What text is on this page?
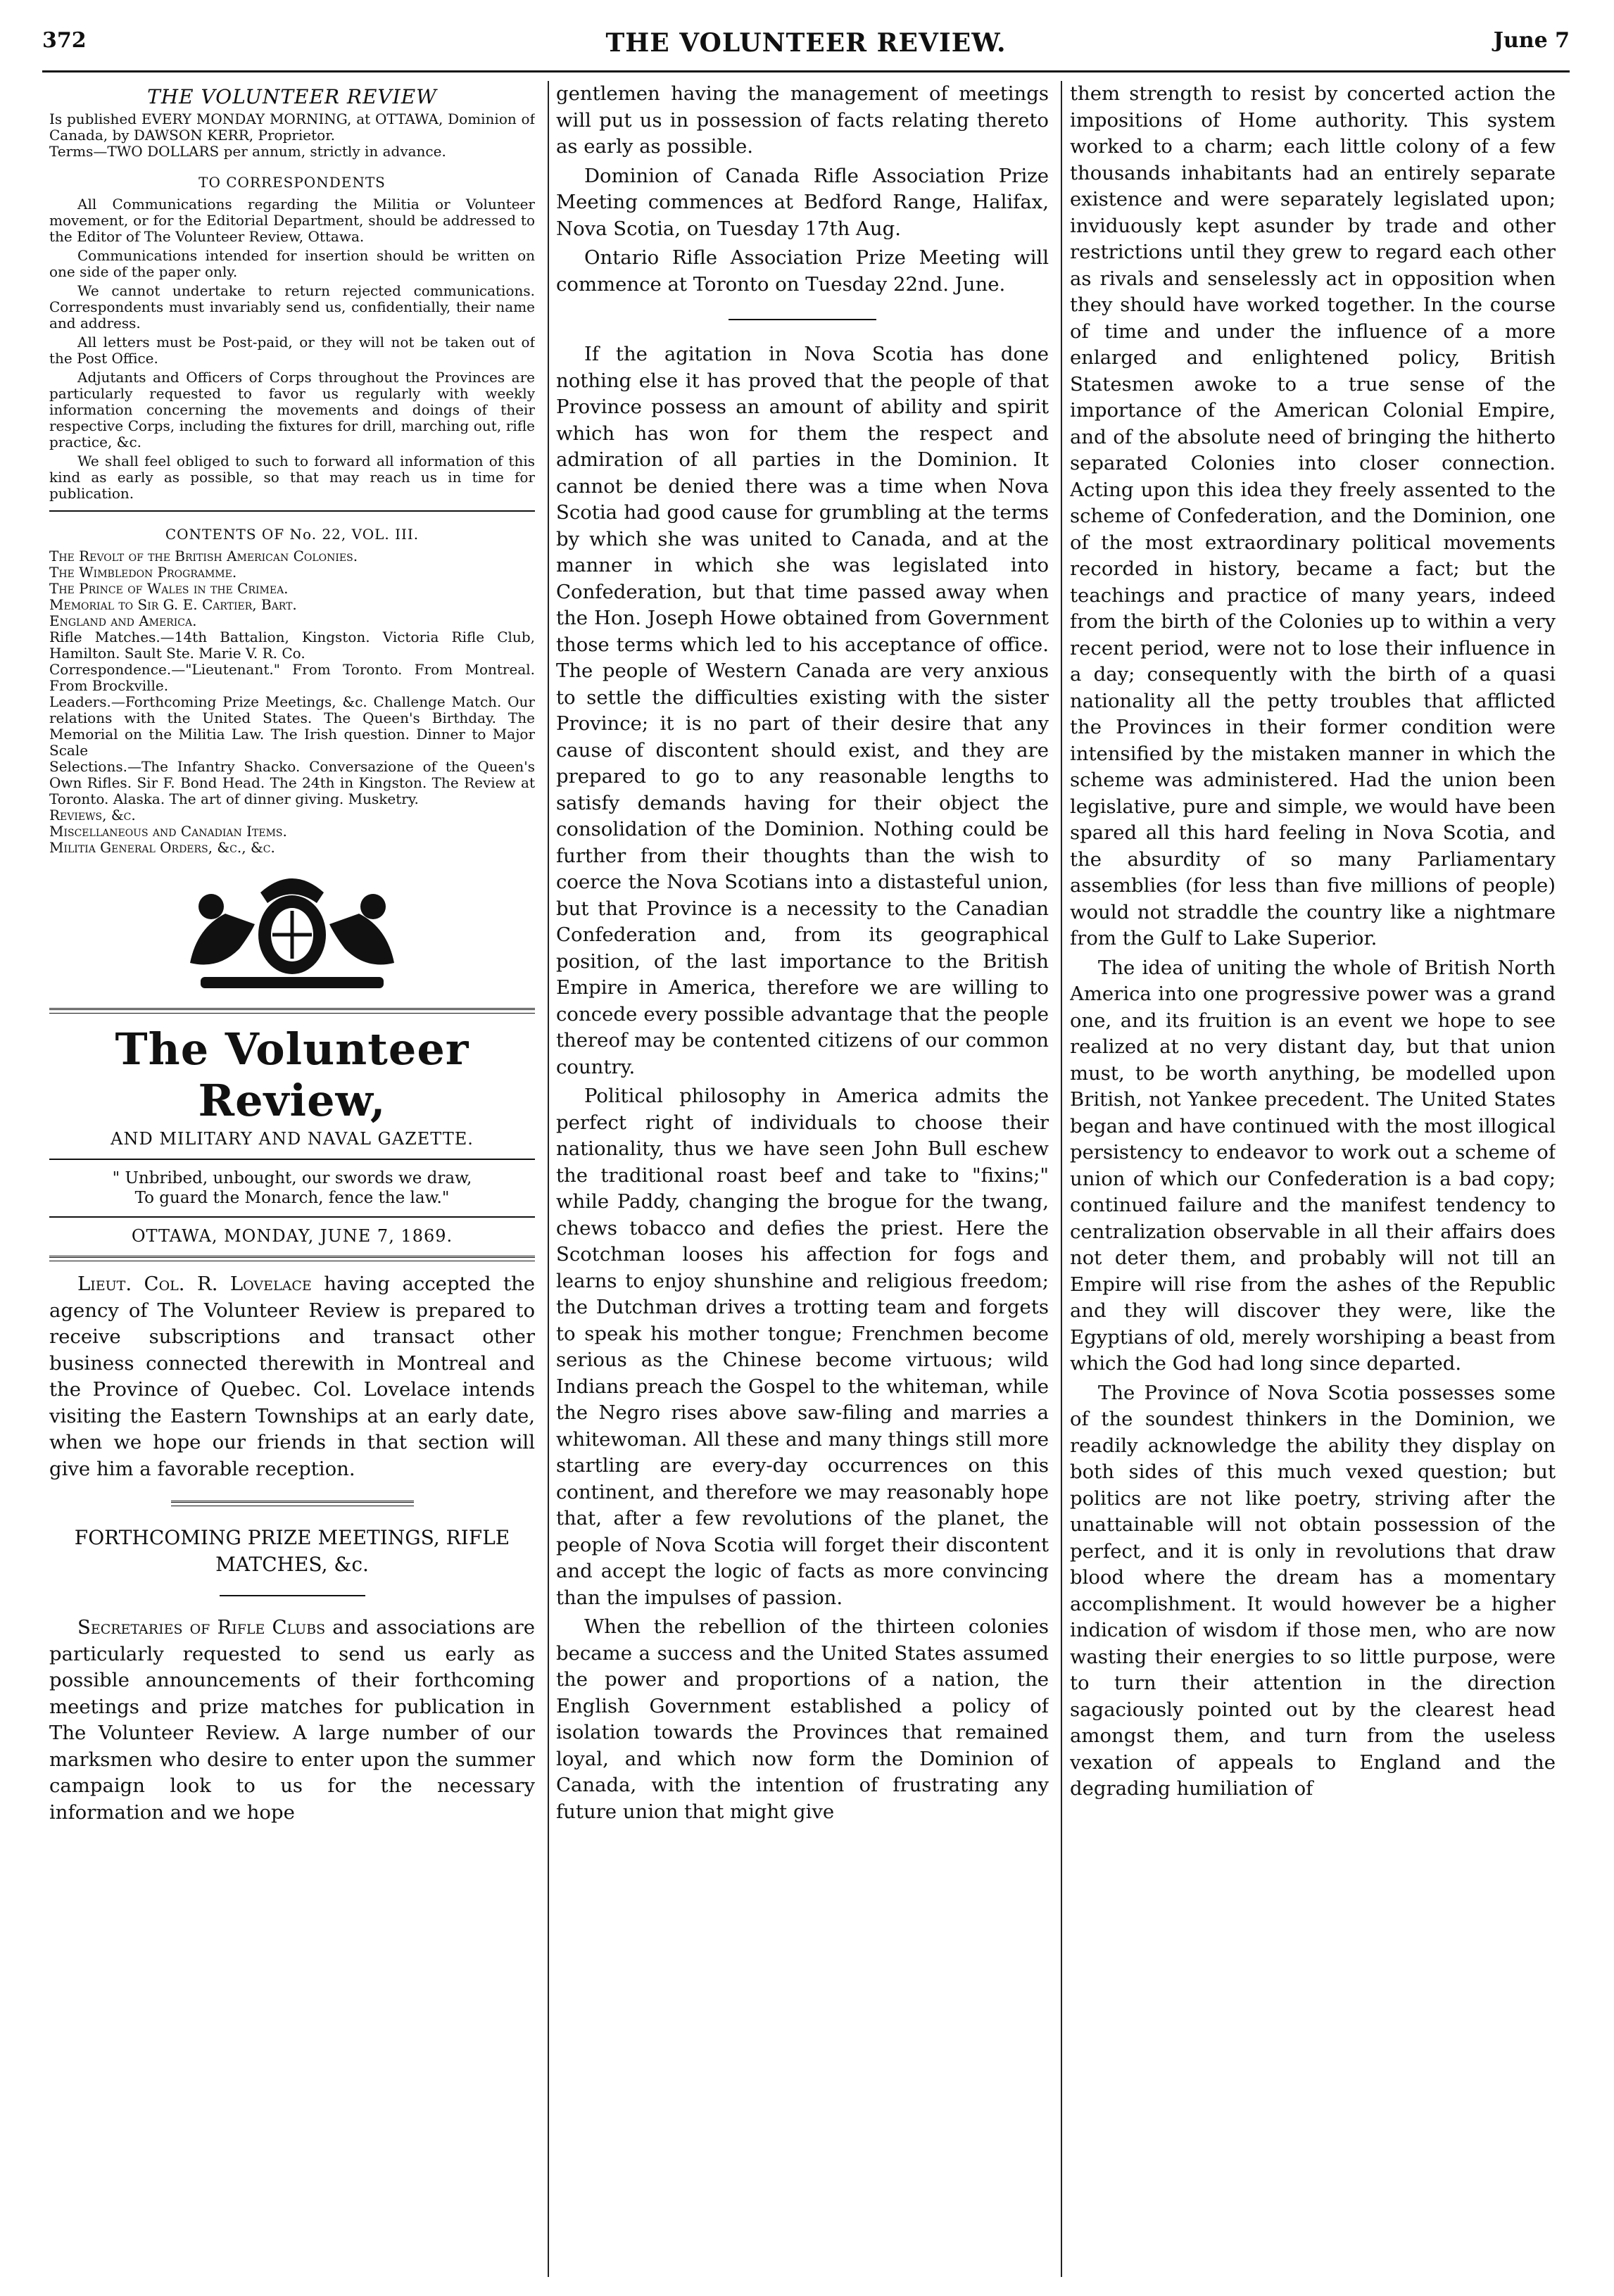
372	THE VOLUNTEER REVIEW.	June 7
THE VOLUNTEER REVIEW

Is published EVERY MONDAY MORNING, at OTTAWA, Dominion of Canada, by DAWSON KERR, Proprietor.

Terms—TWO DOLLARS per annum, strictly in advance.

TO CORRESPONDENTS

All Communications regarding the Militia or Volunteer movement, or for the Editorial Department, should be addressed to the Editor of The Volunteer Review, Ottawa.

Communications intended for insertion should be written on one side of the paper only.

We cannot undertake to return rejected communications. Correspondents must invariably send us, confidentially, their name and address.

All letters must be Post-paid, or they will not be taken out of the Post Office.

Adjutants and Officers of Corps throughout the Provinces are particularly requested to favor us regularly with weekly information concerning the movements and doings of their respective Corps, including the fixtures for drill, marching out, rifle practice, &c.

We shall feel obliged to such to forward all information of this kind as early as possible, so that may reach us in time for publication.

CONTENTS OF No. 22, VOL. III.

The Revolt of the British American Colonies.

The Wimbledon Programme.

The Prince of Wales in the Crimea.

Memorial to Sir G. E. Cartier, Bart.

England and America.

Rifle Matches.—14th Battalion, Kingston. Victoria Rifle Club, Hamilton. Sault Ste. Marie V. R. Co.

Correspondence.—"Lieutenant." From Toronto. From Montreal. From Brockville.

Leaders.—Forthcoming Prize Meetings, &c. Challenge Match. Our relations with the United States. The Queen's Birthday. The Memorial on the Militia Law. The Irish question. Dinner to Major Scale

Selections.—The Infantry Shacko. Conversazione of the Queen's Own Rifles. Sir F. Bond Head. The 24th in Kingston. The Review at Toronto. Alaska. The art of dinner giving. Musketry.

Reviews, &c.

Miscellaneous and Canadian Items.

Militia General Orders, &c., &c.

The Volunteer Review,
AND MILITARY AND NAVAL GAZETTE.
" Unbribed, unbought, our swords we draw,
To guard the Monarch, fence the law."
OTTAWA, MONDAY, JUNE 7, 1869.

Lieut. Col. R. Lovelace having accepted the agency of The Volunteer Review is prepared to receive subscriptions and transact other business connected therewith in Montreal and the Province of Quebec. Col. Lovelace intends visiting the Eastern Townships at an early date, when we hope our friends in that section will give him a favorable reception.

FORTHCOMING PRIZE MEETINGS, RIFLE MATCHES, &c.

Secretaries of Rifle Clubs and associations are particularly requested to send us early as possible announcements of their forthcoming meetings and prize matches for publication in The Volunteer Review. A large number of our marksmen who desire to enter upon the summer campaign look to us for the necessary information and we hope

gentlemen having the management of meetings will put us in possession of facts relating thereto as early as possible.

Dominion of Canada Rifle Association Prize Meeting commences at Bedford Range, Halifax, Nova Scotia, on Tuesday 17th Aug.

Ontario Rifle Association Prize Meeting will commence at Toronto on Tuesday 22nd. June.

If the agitation in Nova Scotia has done nothing else it has proved that the people of that Province possess an amount of ability and spirit which has won for them the respect and admiration of all parties in the Dominion. It cannot be denied there was a time when Nova Scotia had good cause for grumbling at the terms by which she was united to Canada, and at the manner in which she was legislated into Confederation, but that time passed away when the Hon. Joseph Howe obtained from Government those terms which led to his acceptance of office. The people of Western Canada are very anxious to settle the difficulties existing with the sister Province; it is no part of their desire that any cause of discontent should exist, and they are prepared to go to any reasonable lengths to satisfy demands having for their object the consolidation of the Dominion. Nothing could be further from their thoughts than the wish to coerce the Nova Scotians into a distasteful union, but that Province is a necessity to the Canadian Confederation and, from its geographical position, of the last importance to the British Empire in America, therefore we are willing to concede every possible advantage that the people thereof may be contented citizens of our common country.

Political philosophy in America admits the perfect right of individuals to choose their nationality, thus we have seen John Bull eschew the traditional roast beef and take to "fixins;" while Paddy, changing the brogue for the twang, chews tobacco and defies the priest. Here the Scotchman looses his affection for fogs and learns to enjoy shunshine and religious freedom; the Dutchman drives a trotting team and forgets to speak his mother tongue; Frenchmen become serious as the Chinese become virtuous; wild Indians preach the Gospel to the whiteman, while the Negro rises above saw-filing and marries a whitewoman. All these and many things still more startling are every-day occurrences on this continent, and therefore we may reasonably hope that, after a few revolutions of the planet, the people of Nova Scotia will forget their discontent and accept the logic of facts as more convincing than the impulses of passion.

When the rebellion of the thirteen colonies became a success and the United States assumed the power and proportions of a nation, the English Government established a policy of isolation towards the Provinces that remained loyal, and which now form the Dominion of Canada, with the intention of frustrating any future union that might give

them strength to resist by concerted action the impositions of Home authority. This system worked to a charm; each little colony of a few thousands inhabitants had an entirely separate existence and were separately legislated upon; inviduously kept asunder by trade and other restrictions until they grew to regard each other as rivals and senselessly act in opposition when they should have worked together. In the course of time and under the influence of a more enlarged and enlightened policy, British Statesmen awoke to a true sense of the importance of the American Colonial Empire, and of the absolute need of bringing the hitherto separated Colonies into closer connection. Acting upon this idea they freely assented to the scheme of Confederation, and the Dominion, one of the most extraordinary political movements recorded in history, became a fact; but the teachings and practice of many years, indeed from the birth of the Colonies up to within a very recent period, were not to lose their influence in a day; consequently with the birth of a quasi nationality all the petty troubles that afflicted the Provinces in their former condition were intensified by the mistaken manner in which the scheme was administered. Had the union been legislative, pure and simple, we would have been spared all this hard feeling in Nova Scotia, and the absurdity of so many Parliamentary assemblies (for less than five millions of people) would not straddle the country like a nightmare from the Gulf to Lake Superior.

The idea of uniting the whole of British North America into one progressive power was a grand one, and its fruition is an event we hope to see realized at no very distant day, but that union must, to be worth anything, be modelled upon British, not Yankee precedent. The United States began and have continued with the most illogical persistency to endeavor to work out a scheme of union of which our Confederation is a bad copy; continued failure and the manifest tendency to centralization observable in all their affairs does not deter them, and probably will not till an Empire will rise from the ashes of the Republic and they will discover they were, like the Egyptians of old, merely worshiping a beast from which the God had long since departed.

The Province of Nova Scotia possesses some of the soundest thinkers in the Dominion, we readily acknowledge the ability they display on both sides of this much vexed question; but politics are not like poetry, striving after the unattainable will not obtain possession of the perfect, and it is only in revolutions that draw blood where the dream has a momentary accomplishment. It would however be a higher indication of wisdom if those men, who are now wasting their energies to so little purpose, were to turn their attention in the direction sagaciously pointed out by the clearest head amongst them, and turn from the useless vexation of appeals to England and the degrading humiliation of
